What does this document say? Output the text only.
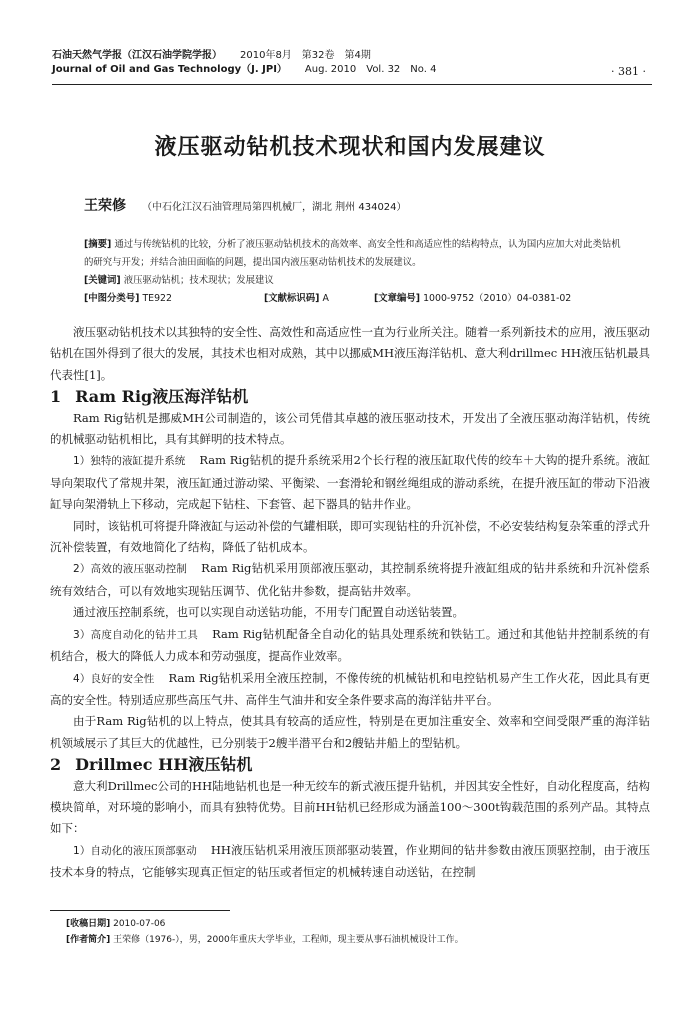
石油天然气学报（江汉石油学院学报） 2010年8月　第32卷　第4期
Journal of Oil and Gas Technology（J. JPI） Aug. 2010　Vol. 32　No. 4	· 381 ·
液压驱动钻机技术现状和国内发展建议
王荣修 （中石化江汉石油管理局第四机械厂，湖北 荆州 434024）
[摘要] 通过与传统钻机的比较，分析了液压驱动钻机技术的高效率、高安全性和高适应性的结构特点，认为国内应加大对此类钻机的研究与开发；并结合油田面临的问题，提出国内液压驱动钻机技术的发展建议。
[关键词] 液压驱动钻机；技术现状；发展建议
[中图分类号] TE922	[文献标识码] A	[文章编号] 1000-9752（2010）04-0381-02

液压驱动钻机技术以其独特的安全性、高效性和高适应性一直为行业所关注。随着一系列新技术的应用，液压驱动钻机在国外得到了很大的发展，其技术也相对成熟，其中以挪威MH液压海洋钻机、意大利drillmec HH液压钻机最具代表性[1]。

1 Ram Rig液压海洋钻机

Ram Rig钻机是挪威MH公司制造的，该公司凭借其卓越的液压驱动技术，开发出了全液压驱动海洋钻机，传统的机械驱动钻机相比，具有其鲜明的技术特点。

1）独特的液缸提升系统 Ram Rig钻机的提升系统采用2个长行程的液压缸取代传的绞车＋大钩的提升系统。液缸导向架取代了常规井架，液压缸通过游动梁、平衡梁、一套滑轮和钢丝绳组成的游动系统，在提升液压缸的带动下沿液缸导向架滑轨上下移动，完成起下钻柱、下套管、起下器具的钻井作业。

同时，该钻机可将提升降液缸与运动补偿的气罐相联，即可实现钻柱的升沉补偿，不必安装结构复杂笨重的浮式升沉补偿装置，有效地简化了结构，降低了钻机成本。

2）高效的液压驱动控制 Ram Rig钻机采用顶部液压驱动，其控制系统将提升液缸组成的钻井系统和升沉补偿系统有效结合，可以有效地实现钻压调节、优化钻井参数，提高钻井效率。

通过液压控制系统，也可以实现自动送钻功能，不用专门配置自动送钻装置。

3）高度自动化的钻井工具 Ram Rig钻机配备全自动化的钻具处理系统和铁钻工。通过和其他钻井控制系统的有机结合，极大的降低人力成本和劳动强度，提高作业效率。

4）良好的安全性 Ram Rig钻机采用全液压控制，不像传统的机械钻机和电控钻机易产生工作火花，因此具有更高的安全性。特别适应那些高压气井、高伴生气油井和安全条件要求高的海洋钻井平台。

由于Ram Rig钻机的以上特点，使其具有较高的适应性，特别是在更加注重安全、效率和空间受限严重的海洋钻机领域展示了其巨大的优越性，已分别装于2艘半潜平台和2艘钻井船上的型钻机。

2 Drillmec HH液压钻机

意大利Drillmec公司的HH陆地钻机也是一种无绞车的新式液压提升钻机，并因其安全性好，自动化程度高，结构模块简单，对环境的影响小，而具有独特优势。目前HH钻机已经形成为涵盖100～300t钩载范围的系列产品。其特点如下：

1）自动化的液压顶部驱动 HH液压钻机采用液压顶部驱动装置，作业期间的钻井参数由液压顶驱控制，由于液压技术本身的特点，它能够实现真正恒定的钻压或者恒定的机械转速自动送钻，在控制

[收稿日期] 2010-07-06
[作者简介] 王荣修（1976-），男，2000年重庆大学毕业，工程师，现主要从事石油机械设计工作。
